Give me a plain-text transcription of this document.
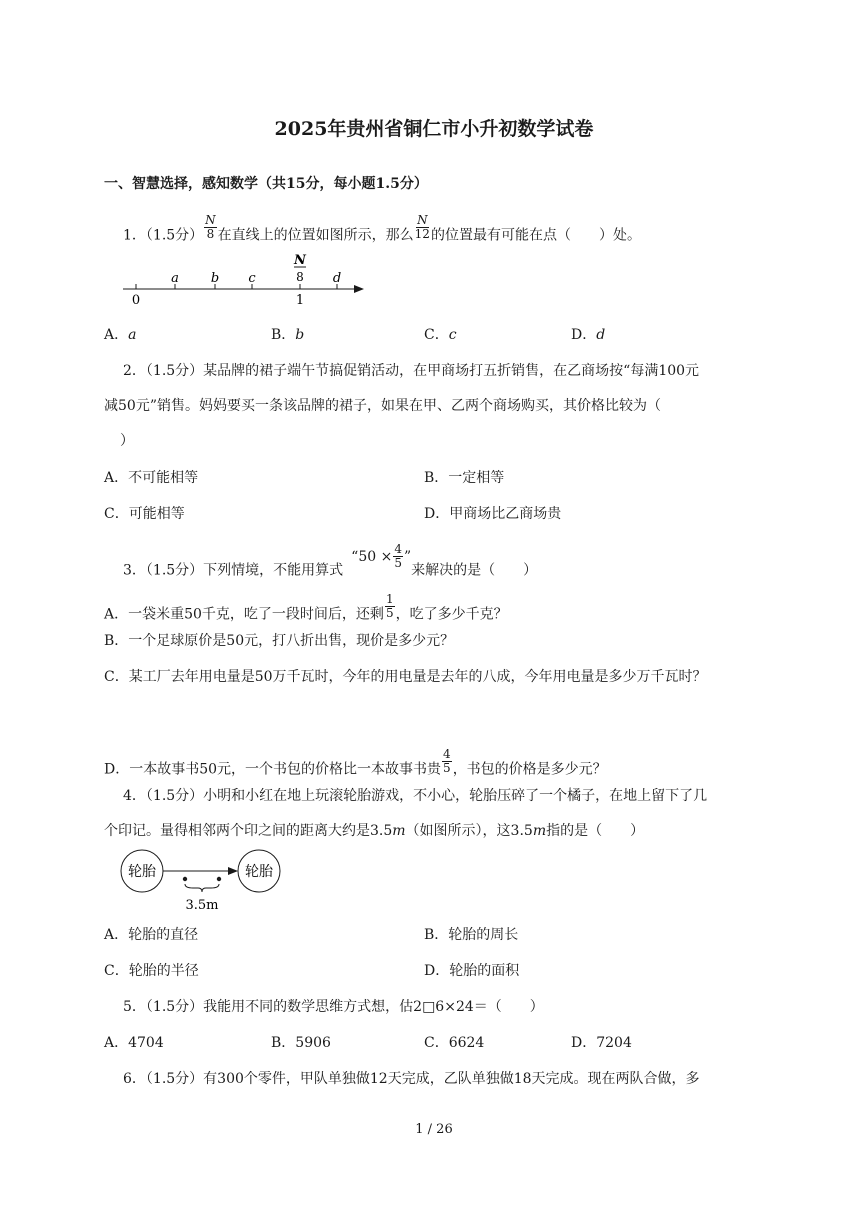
2025年贵州省铜仁市小升初数学试卷
一、智慧选择，感知数学（共15分，每小题1.5分）
1．（1.5分） $\frac{N}{8}$ 在直线上的位置如图所示，那么 $\frac{N}{12}$ 的位置最有可能在点（　　）处。
a b c	d
N
8
0	1
A．a	B．b	C．c	D．d
2．（1.5分）某品牌的裙子端午节搞促销活动，在甲商场打五折销售，在乙商场按“每满100元
减50元”销售。妈妈要买一条该品牌的裙子，如果在甲、乙两个商场购买，其价格比较为（
）
A．不可能相等	B．一定相等
C．可能相等	D．甲商场比乙商场贵
3．（1.5分）下列情境，不能用算式“$50 \times \frac{4}{5}$ ”来解决的是（　　）
A．一袋米重50千克，吃了一段时间后，还剩 $\frac{1}{5}$ ，吃了多少千克？
B．一个足球原价是50元，打八折出售，现价是多少元？
C．某工厂去年用电量是50万千瓦时，今年的用电量是去年的八成，今年用电量是多少万千瓦时？
D．一本故事书50元，一个书包的价格比一本故事书贵 $\frac{4}{5}$ ，书包的价格是多少元？
4．（1.5分）小明和小红在地上玩滚轮胎游戏，不小心，轮胎压碎了一个橘子，在地上留下了几
个印记。量得相邻两个印之间的距离大约是3.5m（如图所示），这3.5m指的是（　　）
轮胎	轮胎
3.5m
A．轮胎的直径	B．轮胎的周长
C．轮胎的半径	D．轮胎的面积
5．（1.5分）我能用不同的数学思维方式想，估2□6×24＝（　　）
A．4704	B．5906	C．6624	D．7204
6．（1.5分）有300个零件，甲队单独做12天完成，乙队单独做18天完成。现在两队合做，多
1 / 26
